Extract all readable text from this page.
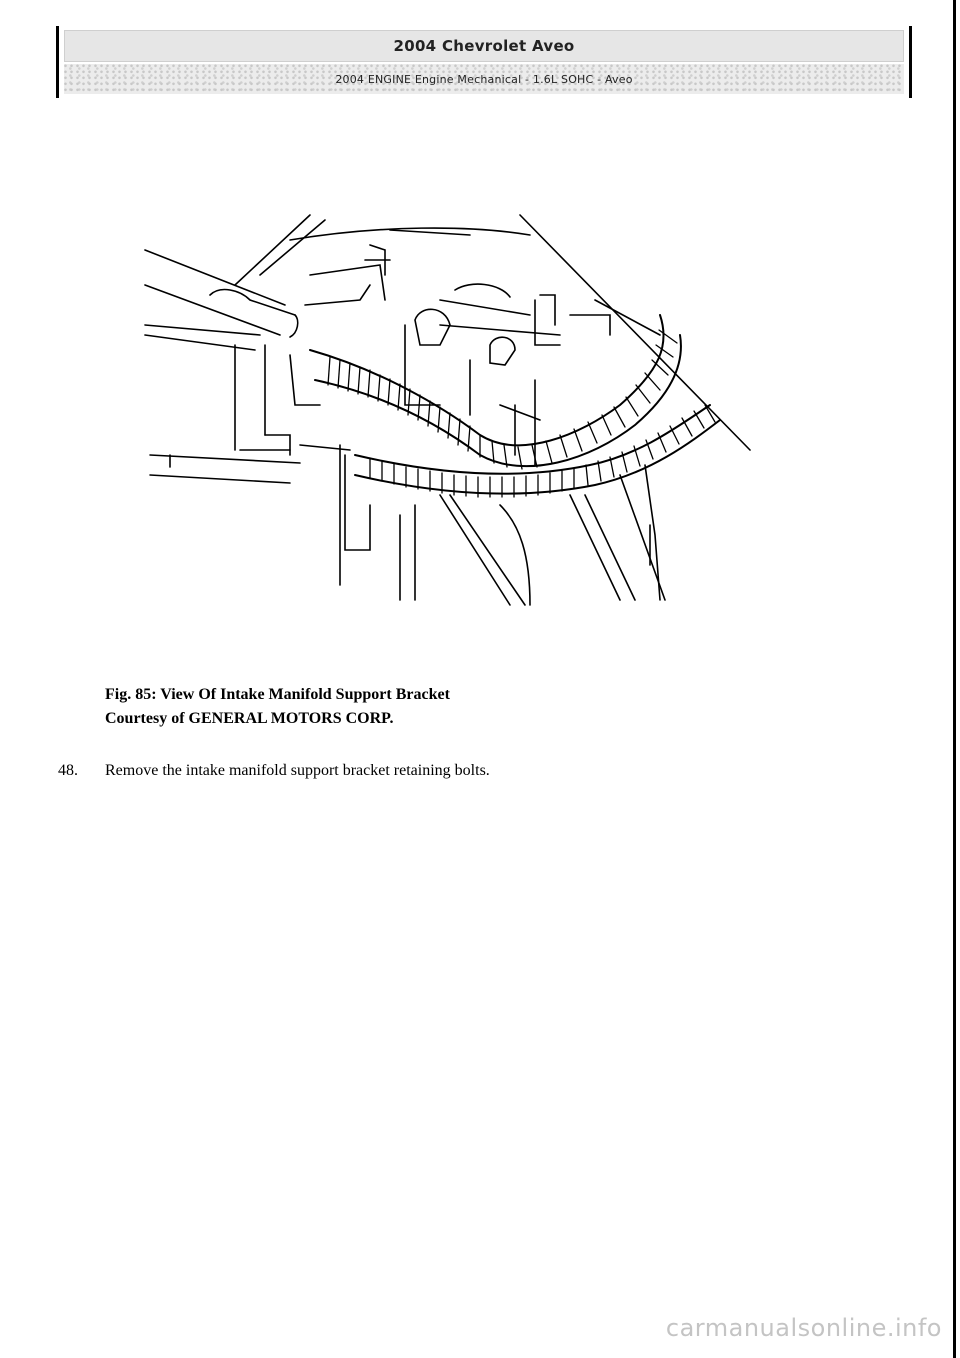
2004 Chevrolet Aveo
2004 ENGINE Engine Mechanical - 1.6L SOHC - Aveo
Fig. 85: View Of Intake Manifold Support Bracket
Courtesy of GENERAL MOTORS CORP.
48.	Remove the intake manifold support bracket retaining bolts.
carmanualsonline.info
